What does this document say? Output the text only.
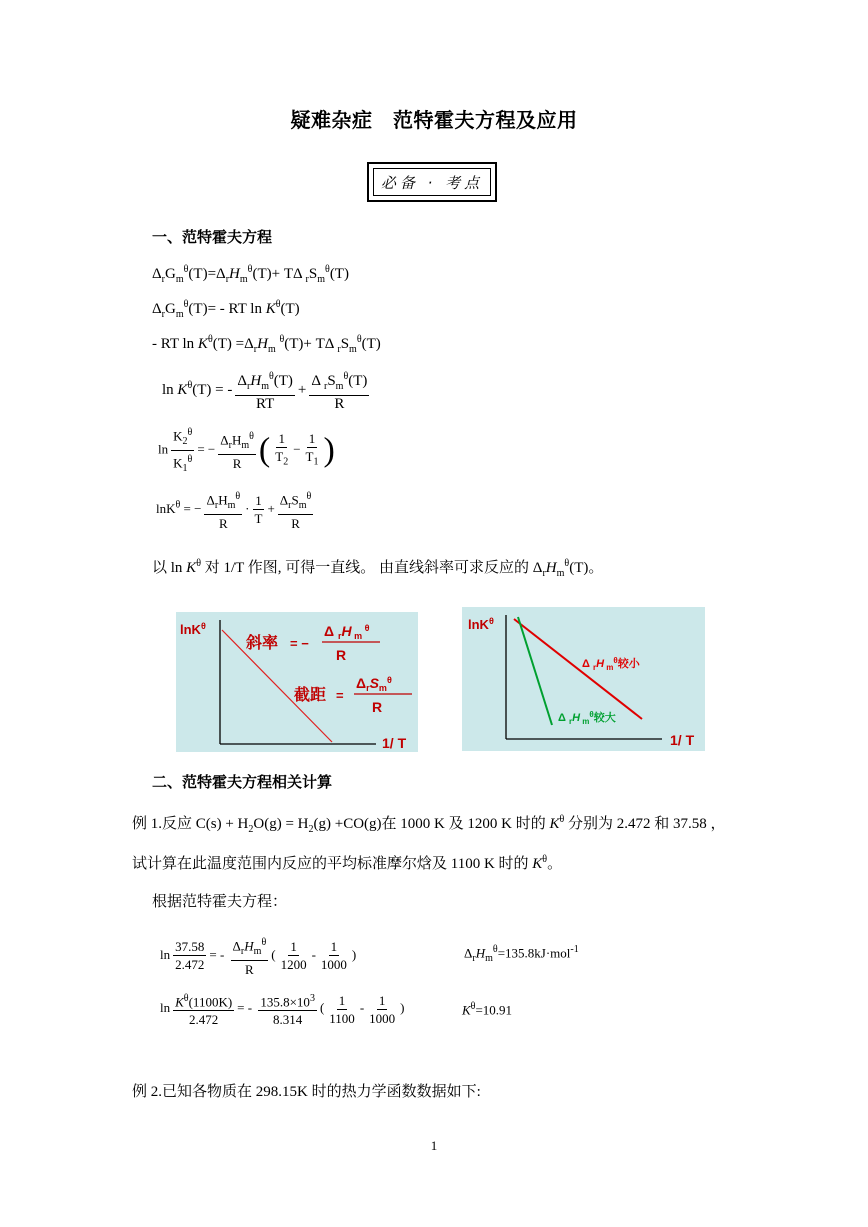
疑难杂症　范特霍夫方程及应用
必备 · 考点
一、范特霍夫方程
$\Delta_rG_m^\theta(T)=\Delta_rH_m^\theta(T)+ T\Delta$ $_rS_m^\theta(T)$
$\Delta_rG_m^\theta(T)=$ - RT $\ln K^\theta(T)$
- RT $\ln K^\theta(T) =\Delta_rH_m$ $^\theta$(T)+ TΔ $_rS_m^\theta(T)$
$\ln K^\theta(T)$ = - $\frac{\Delta_rH_m^\theta(T)}{RT} + \frac{\Delta _rS_m^\theta(T)}{R}$
$\ln \frac{K_2^\theta}{K_1^\theta}$ = − $\frac{\Delta_rH_m^\theta}{R}$ ( $\frac{1}{T_2} - \frac{1}{T_1}$ )
lnK$^\theta$ = − $\frac{\Delta_rH_m^\theta}{R} \cdot \frac{1}{T} + \frac{\Delta_rS_m^\theta}{R}$
以 $\ln K^\theta$ 对 1/T 作图, 可得一直线。 由直线斜率可求反应的 $\Delta_rH_m^\theta(T)$。
lnK$^\theta$
1/ T
斜率 = −
Δ $_r$H $_m$ $^\theta$
R
截距 =
$\Delta_rS_m^\theta$
R
lnK$^\theta$
1/ T
Δ $_r$H $_m^\theta$较小
Δ $_r$H $_m^\theta$较大
二、范特霍夫方程相关计算
例 1.反应 $C(s) + H_2O(g) = H_2(g) +CO(g)$在 1000 K 及 1200 K 时的 $K^\theta$ 分别为 2.472 和 37.58 ，
试计算在此温度范围内反应的平均标准摩尔焓及 1100 K 时的 $K^\theta$。
根据范特霍夫方程：
$\ln \frac{37.58}{2.472}$ = - $\frac{\Delta_rH_m^\theta}{R}$ ( $\frac{1}{1200} - \frac{1}{1000}$ )	$\Delta_rH_m^\theta=135.8kJ\cdot mol^{-1}$
$\ln \frac{K^\theta(1100K)}{2.472}$ = - $\frac{135.8\times 10^3}{8.314}$ ( $\frac{1}{1100} - \frac{1}{1000}$ )	$K^\theta=10.91$
例 2.已知各物质在 298.15K 时的热力学函数数据如下:
1
